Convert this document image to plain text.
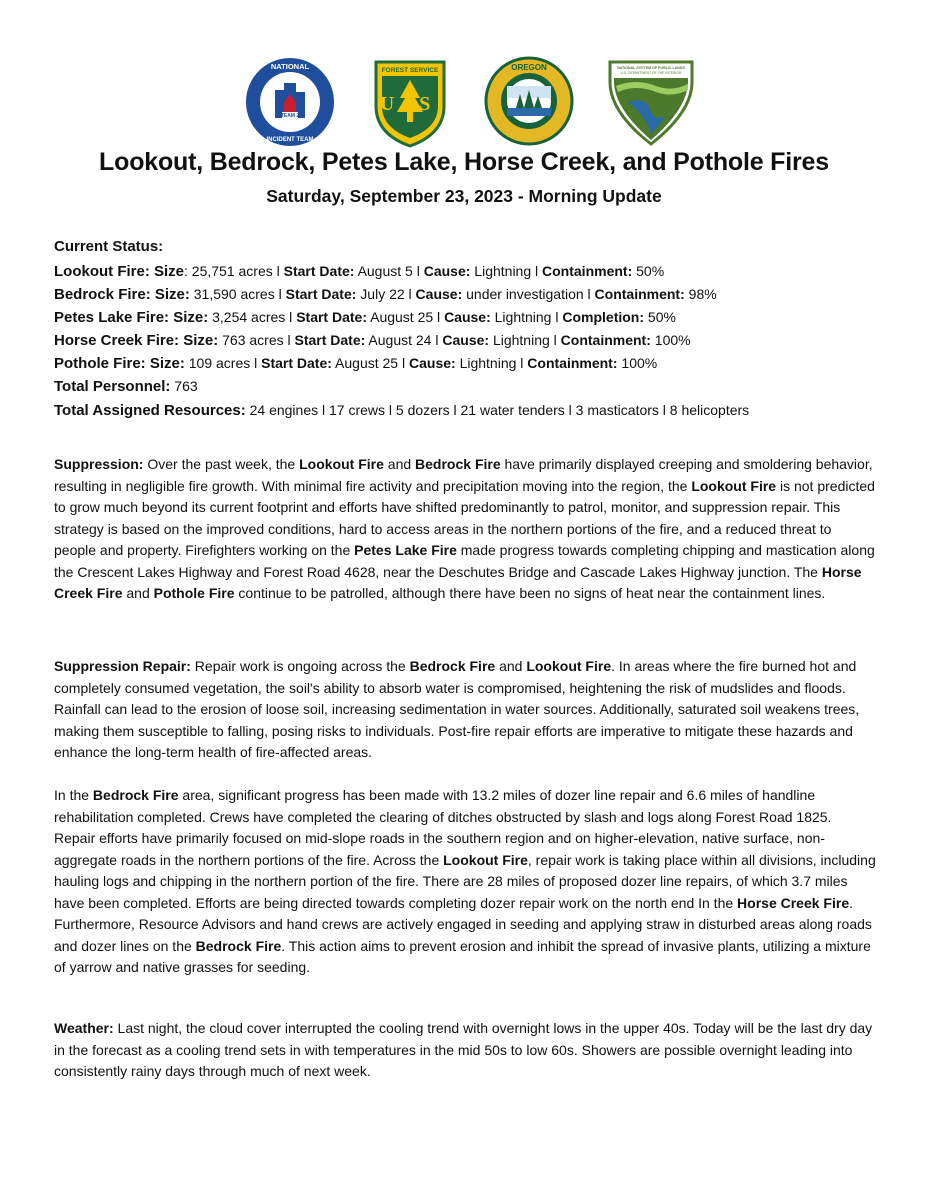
TEAM 2
NATIONAL
INCIDENT TEAM
FOREST SERVICE
U S
OREGON	NATIONAL SYSTEM OF PUBLIC LANDS
U.S. DEPARTMENT OF THE INTERIOR
Lookout, Bedrock, Petes Lake, Horse Creek, and Pothole Fires
Saturday, September 23, 2023 - Morning Update
Current Status:
Lookout Fire: Size: 25,751 acres l Start Date: August 5 l Cause: Lightning l Containment: 50%
Bedrock Fire: Size: 31,590 acres l Start Date: July 22 l Cause: under investigation l Containment: 98%
Petes Lake Fire: Size: 3,254 acres l Start Date: August 25 l Cause: Lightning l Completion: 50%
Horse Creek Fire: Size: 763 acres l Start Date: August 24 l Cause: Lightning l Containment: 100%
Pothole Fire: Size: 109 acres l Start Date: August 25 l Cause: Lightning l Containment: 100%
Total Personnel: 763
Total Assigned Resources: 24 engines l 17 crews l 5 dozers l 21 water tenders l 3 masticators l 8 helicopters
Suppression: Over the past week, the Lookout Fire and Bedrock Fire have primarily displayed creeping and smoldering behavior, resulting in negligible fire growth. With minimal fire activity and precipitation moving into the region, the Lookout Fire is not predicted to grow much beyond its current footprint and efforts have shifted predominantly to patrol, monitor, and suppression repair. This strategy is based on the improved conditions, hard to access areas in the northern portions of the fire, and a reduced threat to people and property. Firefighters working on the Petes Lake Fire made progress towards completing chipping and mastication along the Crescent Lakes Highway and Forest Road 4628, near the Deschutes Bridge and Cascade Lakes Highway junction. The Horse Creek Fire and Pothole Fire continue to be patrolled, although there have been no signs of heat near the containment lines.
Suppression Repair: Repair work is ongoing across the Bedrock Fire and Lookout Fire. In areas where the fire burned hot and completely consumed vegetation, the soil's ability to absorb water is compromised, heightening the risk of mudslides and floods. Rainfall can lead to the erosion of loose soil, increasing sedimentation in water sources. Additionally, saturated soil weakens trees, making them susceptible to falling, posing risks to individuals. Post-fire repair efforts are imperative to mitigate these hazards and enhance the long-term health of fire-affected areas.
In the Bedrock Fire area, significant progress has been made with 13.2 miles of dozer line repair and 6.6 miles of handline rehabilitation completed. Crews have completed the clearing of ditches obstructed by slash and logs along Forest Road 1825. Repair efforts have primarily focused on mid-slope roads in the southern region and on higher-elevation, native surface, non-aggregate roads in the northern portions of the fire. Across the Lookout Fire, repair work is taking place within all divisions, including hauling logs and chipping in the northern portion of the fire. There are 28 miles of proposed dozer line repairs, of which 3.7 miles have been completed. Efforts are being directed towards completing dozer repair work on the north end In the Horse Creek Fire. Furthermore, Resource Advisors and hand crews are actively engaged in seeding and applying straw in disturbed areas along roads and dozer lines on the Bedrock Fire. This action aims to prevent erosion and inhibit the spread of invasive plants, utilizing a mixture of yarrow and native grasses for seeding.
Weather: Last night, the cloud cover interrupted the cooling trend with overnight lows in the upper 40s. Today will be the last dry day in the forecast as a cooling trend sets in with temperatures in the mid 50s to low 60s. Showers are possible overnight leading into consistently rainy days through much of next week.
